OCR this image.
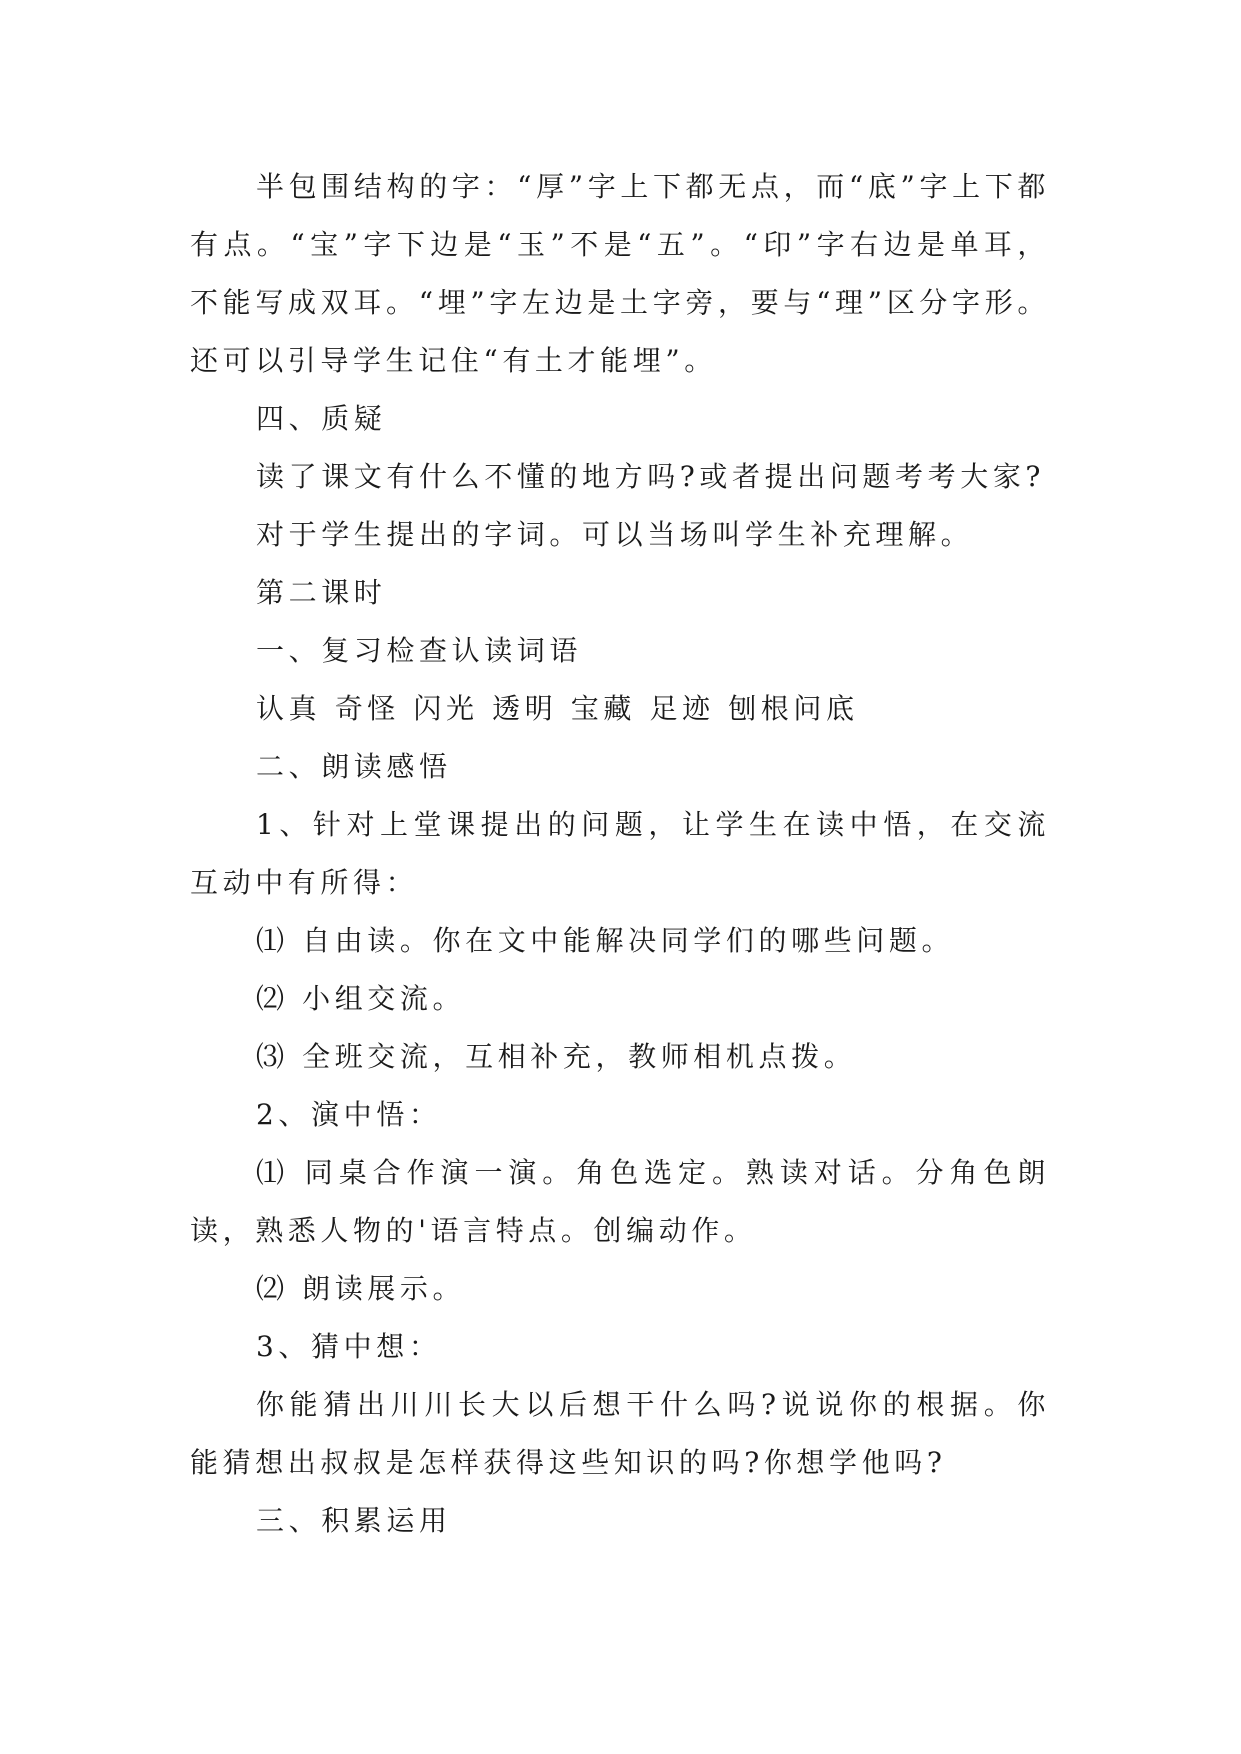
半包围结构的字：“厚”字上下都无点，而“底”字上下都有点。“宝”字下边是“玉”不是“五”。“印”字右边是单耳，不能写成双耳。“埋”字左边是土字旁，要与“理”区分字形。还可以引导学生记住“有土才能埋”。

四、质疑

读了课文有什么不懂的地方吗?或者提出问题考考大家?

对于学生提出的字词。可以当场叫学生补充理解。

第二课时

一、复习检查认读词语

认真 奇怪 闪光 透明 宝藏 足迹 刨根问底

二、朗读感悟

1、针对上堂课提出的问题，让学生在读中悟，在交流互动中有所得：

⑴ 自由读。你在文中能解决同学们的哪些问题。

⑵ 小组交流。

⑶ 全班交流，互相补充，教师相机点拨。

2、演中悟：

⑴ 同桌合作演一演。角色选定。熟读对话。分角色朗读，熟悉人物的'语言特点。创编动作。

⑵ 朗读展示。

3、猜中想：

你能猜出川川长大以后想干什么吗?说说你的根据。你能猜想出叔叔是怎样获得这些知识的吗?你想学他吗?

三、积累运用
